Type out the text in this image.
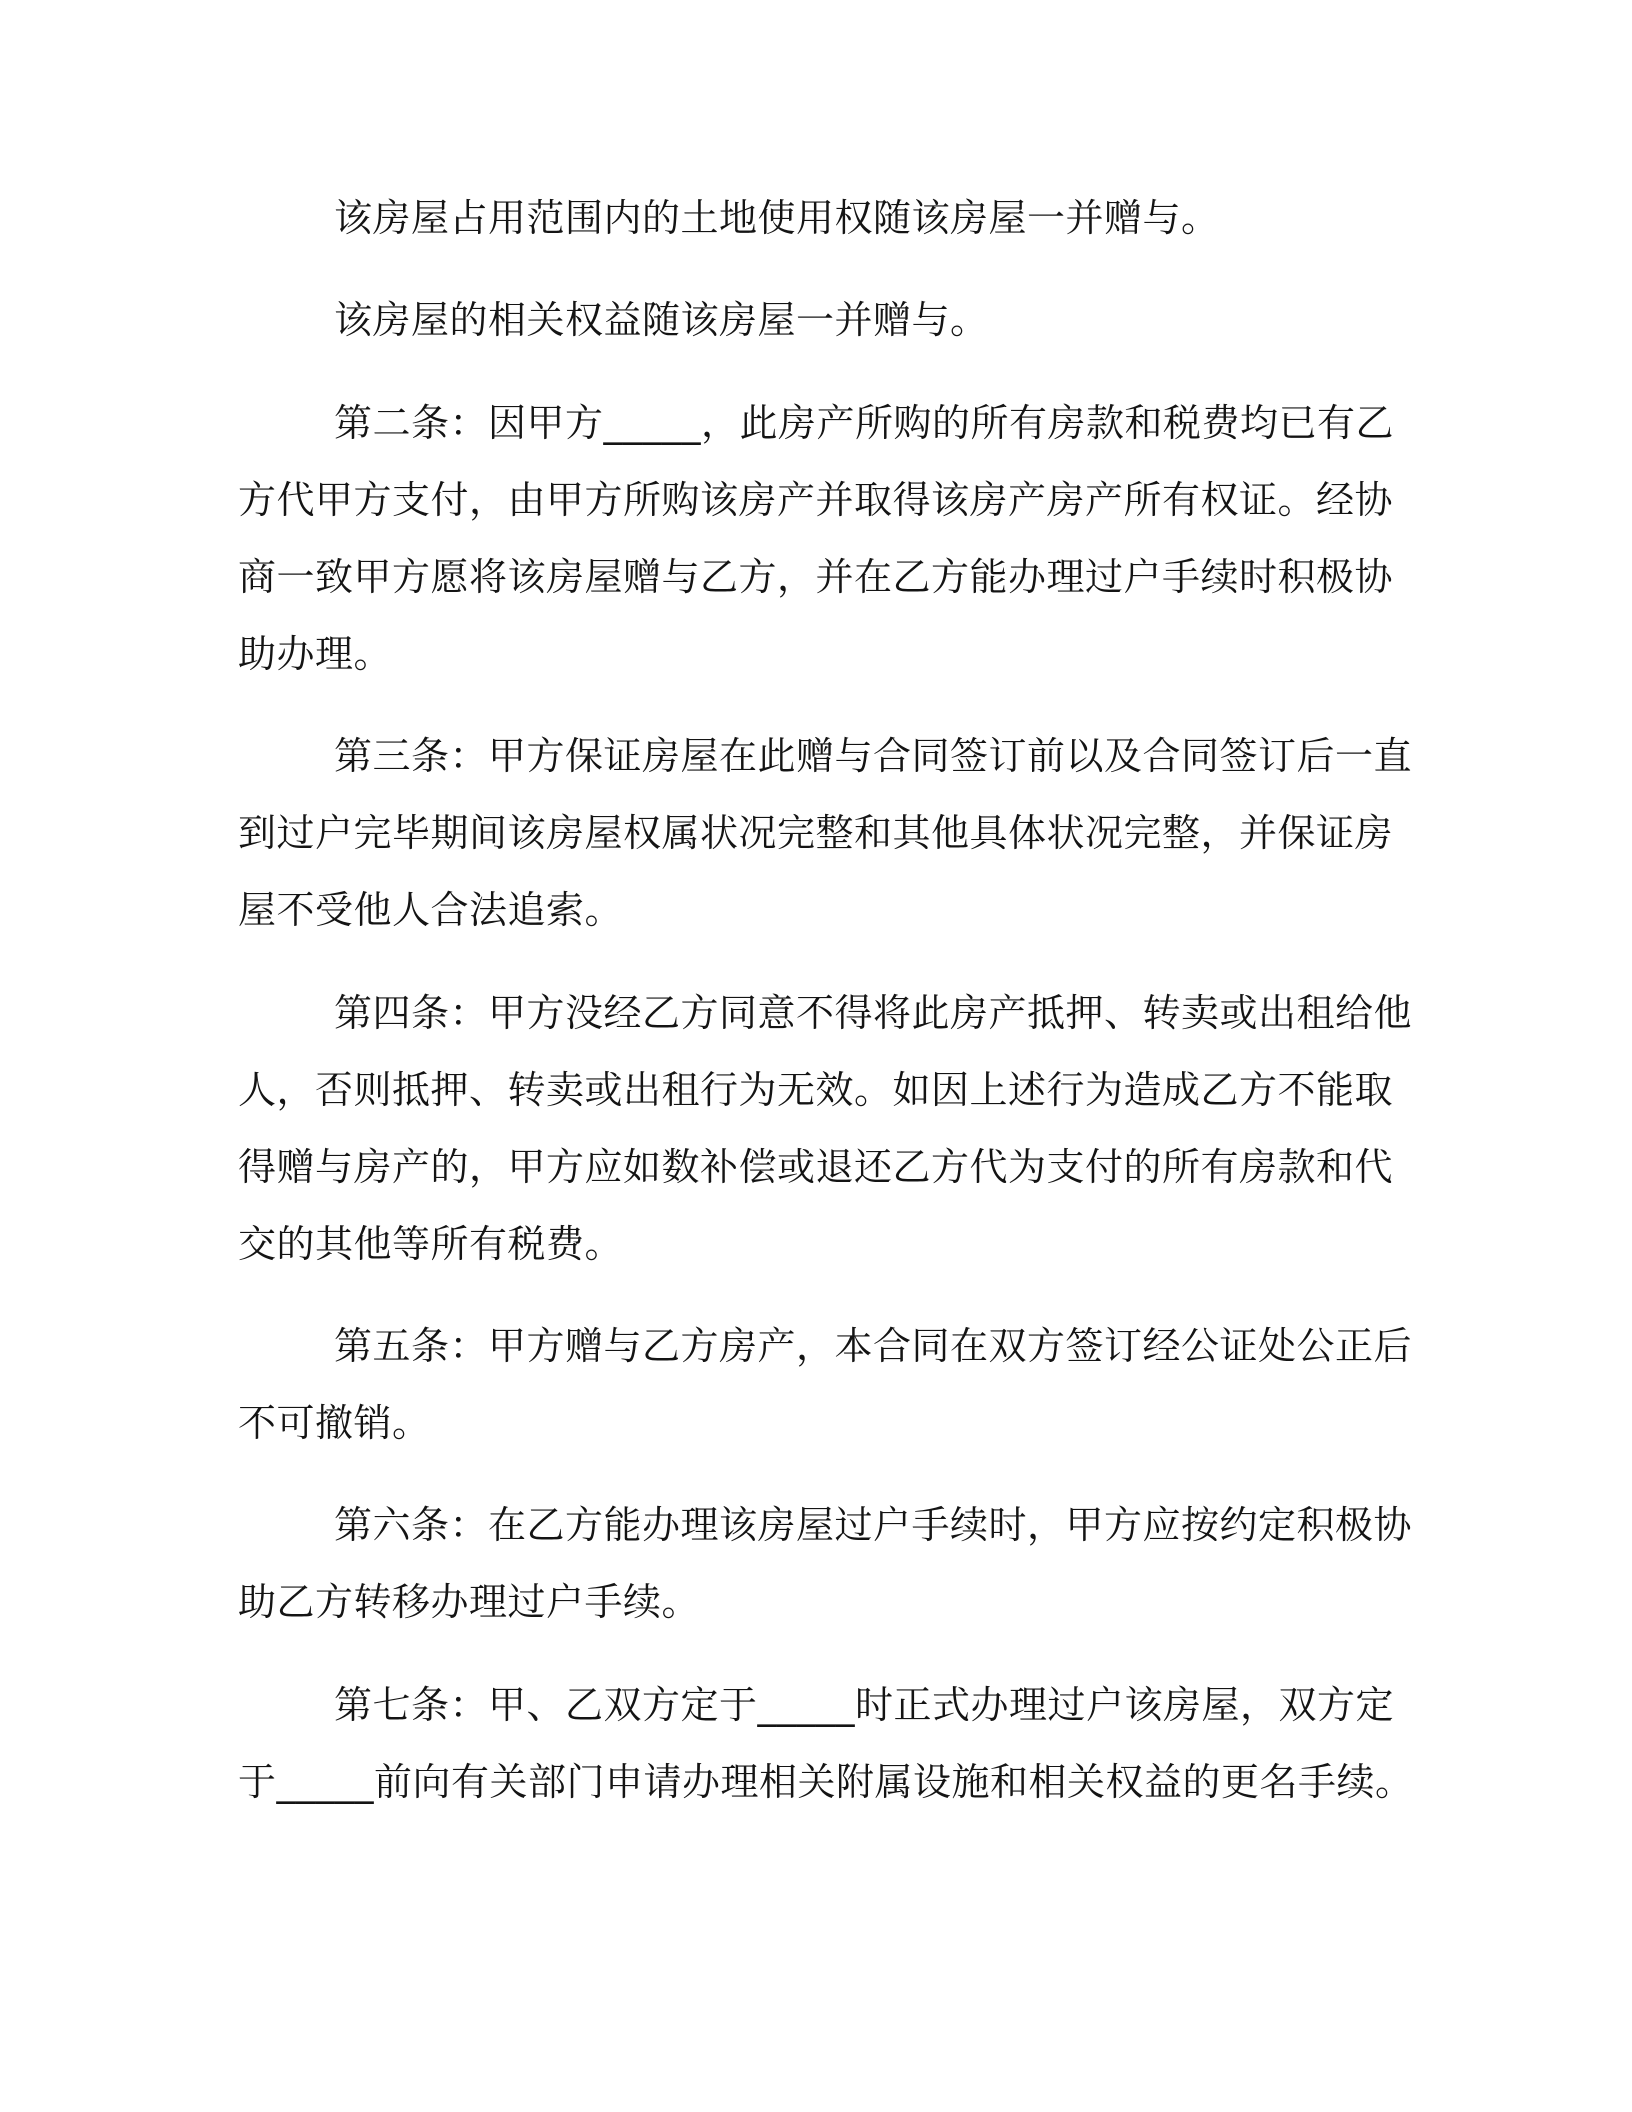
该房屋占用范围内的土地使用权随该房屋一并赠与。
该房屋的相关权益随该房屋一并赠与。
第二条：因甲方_____，此房产所购的所有房款和税费均已有乙
方代甲方支付，由甲方所购该房产并取得该房产房产所有权证。经协
商一致甲方愿将该房屋赠与乙方，并在乙方能办理过户手续时积极协
助办理。
第三条：甲方保证房屋在此赠与合同签订前以及合同签订后一直
到过户完毕期间该房屋权属状况完整和其他具体状况完整，并保证房
屋不受他人合法追索。
第四条：甲方没经乙方同意不得将此房产抵押、转卖或出租给他
人，否则抵押、转卖或出租行为无效。如因上述行为造成乙方不能取
得赠与房产的，甲方应如数补偿或退还乙方代为支付的所有房款和代
交的其他等所有税费。
第五条：甲方赠与乙方房产，本合同在双方签订经公证处公正后
不可撤销。
第六条：在乙方能办理该房屋过户手续时，甲方应按约定积极协
助乙方转移办理过户手续。
第七条：甲、乙双方定于_____时正式办理过户该房屋，双方定
于_____前向有关部门申请办理相关附属设施和相关权益的更名手续。
